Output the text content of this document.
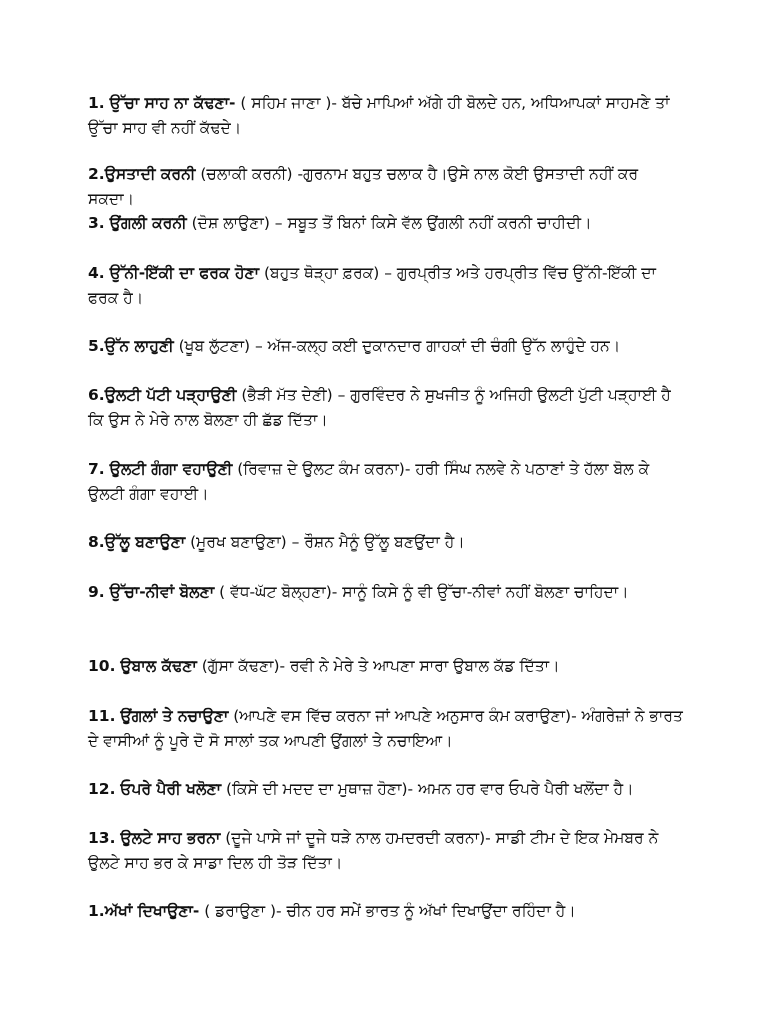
1. ਉੱਚਾ ਸਾਹ ਨਾ ਕੱਢਣਾ- ( ਸਹਿਮ ਜਾਣਾ )- ਬੱਚੇ ਮਾਪਿਆਂ ਅੱਗੇ ਹੀ ਬੋਲਦੇ ਹਨ, ਅਧਿਆਪਕਾਂ ਸਾਹਮਣੇ ਤਾਂ ਉੱਚਾ ਸਾਹ ਵੀ ਨਹੀਂ ਕੱਢਦੇ।

2.ਉਸਤਾਦੀ ਕਰਨੀ (ਚਲਾਕੀ ਕਰਨੀ) -ਗੁਰਨਾਮ ਬਹੁਤ ਚਲਾਕ ਹੈ।ਉਸੇ ਨਾਲ ਕੋਈ ਉਸਤਾਦੀ ਨਹੀਂ ਕਰ ਸਕਦਾ।

3. ਉਂਗਲੀ ਕਰਨੀ (ਦੋਸ਼ ਲਾਉਣਾ) – ਸਬੂਤ ਤੋਂ ਬਿਨਾਂ ਕਿਸੇ ਵੱਲ ਉਂਗਲੀ ਨਹੀਂ ਕਰਨੀ ਚਾਹੀਦੀ।

4. ਉੱਨੀ-ਇੱਕੀ ਦਾ ਫਰਕ ਹੋਣਾ (ਬਹੁਤ ਥੋੜ੍ਹਾ ਫ਼ਰਕ) – ਗੁਰਪ੍ਰੀਤ ਅਤੇ ਹਰਪ੍ਰੀਤ ਵਿੱਚ ਉੱਨੀ-ਇੱਕੀ ਦਾ ਫਰਕ ਹੈ।

5.ਉੱਨ ਲਾਹੁਣੀ (ਖੂਬ ਲੁੱਟਣਾ) – ਅੱਜ-ਕਲ੍ਹ ਕਈ ਦੁਕਾਨਦਾਰ ਗਾਹਕਾਂ ਦੀ ਚੰਗੀ ਉੱਨ ਲਾਹੁੰਦੇ ਹਨ।

6.ਉਲਟੀ ਪੱਟੀ ਪੜ੍ਹਾਉਣੀ (ਭੈੜੀ ਮੱਤ ਦੇਣੀ) – ਗੁਰਵਿੰਦਰ ਨੇ ਸੁਖਜੀਤ ਨੂੰ ਅਜਿਹੀ ਉਲਟੀ ਪੁੱਟੀ ਪੜ੍ਹਾਈ ਹੈ ਕਿ ਉਸ ਨੇ ਮੇਰੇ ਨਾਲ ਬੋਲਣਾ ਹੀ ਛੱਡ ਦਿੱਤਾ।

7. ਉਲਟੀ ਗੰਗਾ ਵਹਾਉਣੀ (ਰਿਵਾਜ਼ ਦੇ ਉਲਟ ਕੰਮ ਕਰਨਾ)- ਹਰੀ ਸਿੰਘ ਨਲਵੇ ਨੇ ਪਠਾਣਾਂ ਤੇ ਹੱਲਾ ਬੋਲ ਕੇ ਉਲਟੀ ਗੰਗਾ ਵਹਾਈ।

8.ਉੱਲੂ ਬਣਾਉਣਾ (ਮੂਰਖ ਬਣਾਉਣਾ) – ਰੌਸ਼ਨ ਮੈਨੂੰ ਉੱਲੂ ਬਣਉਂਦਾ ਹੈ।

9. ਉੱਚਾ-ਨੀਵਾਂ ਬੋਲਣਾ ( ਵੱਧ-ਘੱਟ ਬੋਲ੍ਹਣਾ)- ਸਾਨੂੰ ਕਿਸੇ ਨੂੰ ਵੀ ਉੱਚਾ-ਨੀਵਾਂ ਨਹੀਂ ਬੋਲਣਾ ਚਾਹਿਦਾ।

10. ਉਬਾਲ ਕੱਢਣਾ (ਗੁੱਸਾ ਕੱਢਣਾ)- ਰਵੀ ਨੇ ਮੇਰੇ ਤੇ ਆਪਣਾ ਸਾਰਾ ਉਬਾਲ ਕੱਡ ਦਿੱਤਾ।

11. ਉਂਗਲਾਂ ਤੇ ਨਚਾਉਣਾ (ਆਪਣੇ ਵਸ ਵਿੱਚ ਕਰਨਾ ਜਾਂ ਆਪਣੇ ਅਨੁਸਾਰ ਕੰਮ ਕਰਾਉਣਾ)- ਅੰਗਰੇਜ਼ਾਂ ਨੇ ਭਾਰਤ ਦੇ ਵਾਸੀਆਂ ਨੂੰ ਪੂਰੇ ਦੋ ਸੋ ਸਾਲਾਂ ਤਕ ਆਪਣੀ ਉਂਗਲਾਂ ਤੇ ਨਚਾਇਆ।

12. ਓਪਰੇ ਪੈਰੀ ਖਲੋਣਾ (ਕਿਸੇ ਦੀ ਮਦਦ ਦਾ ਮੁਥਾਜ਼ ਹੋਣਾ)- ਅਮਨ ਹਰ ਵਾਰ ਓਪਰੇ ਪੈਰੀ ਖਲੋਂਦਾ ਹੈ।

13. ਉਲਟੇ ਸਾਹ ਭਰਨਾ (ਦੂਜੇ ਪਾਸੇ ਜਾਂ ਦੂਜੇ ਧੜੇ ਨਾਲ ਹਮਦਰਦੀ ਕਰਨਾ)- ਸਾਡੀ ਟੀਮ ਦੇ ਇਕ ਮੇਮਬਰ ਨੇ ਉਲਟੇ ਸਾਹ ਭਰ ਕੇ ਸਾਡਾ ਦਿਲ ਹੀ ਤੋੜ ਦਿੱਤਾ।

1.ਅੱਖਾਂ ਦਿਖਾਉਣਾ- ( ਡਰਾਉਣਾ )- ਚੀਨ ਹਰ ਸਮੇਂ ਭਾਰਤ ਨੂੰ ਅੱਖਾਂ ਦਿਖਾਉਂਦਾ ਰਹਿੰਦਾ ਹੈ।
